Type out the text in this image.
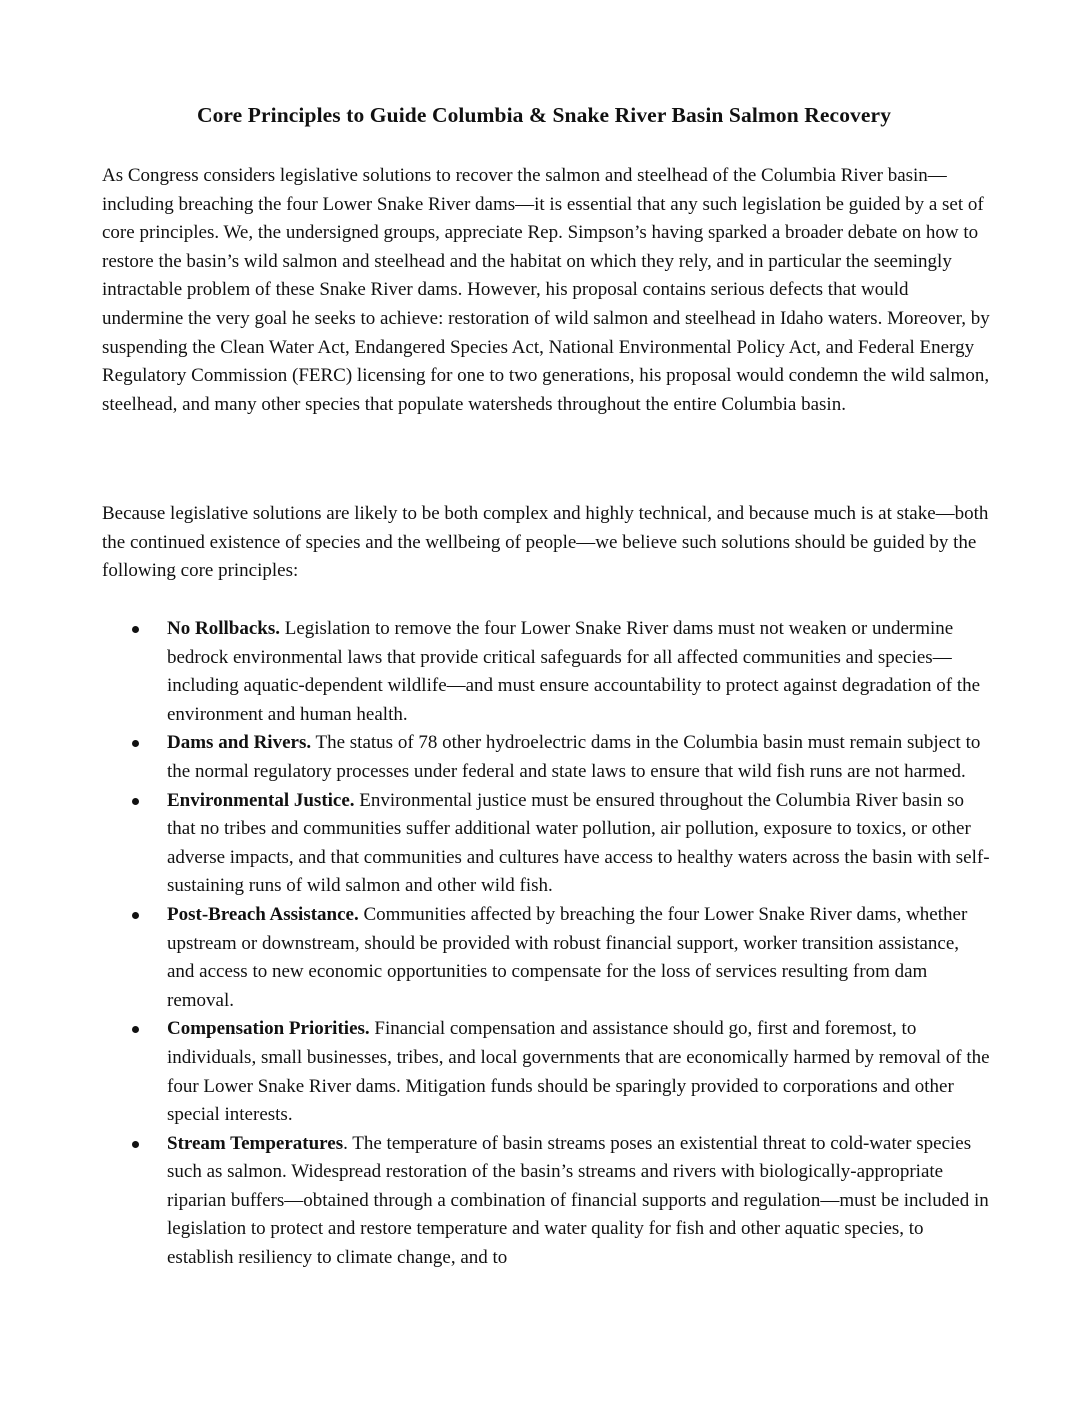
Core Principles to Guide Columbia & Snake River Basin Salmon Recovery

As Congress considers legislative solutions to recover the salmon and steelhead of the Columbia River basin—including breaching the four Lower Snake River dams—it is essential that any such legislation be guided by a set of core principles. We, the undersigned groups, appreciate Rep. Simpson’s having sparked a broader debate on how to restore the basin’s wild salmon and steelhead and the habitat on which they rely, and in particular the seemingly intractable problem of these Snake River dams. However, his proposal contains serious defects that would undermine the very goal he seeks to achieve: restoration of wild salmon and steelhead in Idaho waters. Moreover, by suspending the Clean Water Act, Endangered Species Act, National Environmental Policy Act, and Federal Energy Regulatory Commission (FERC) licensing for one to two generations, his proposal would condemn the wild salmon, steelhead, and many other species that populate watersheds throughout the entire Columbia basin.

Because legislative solutions are likely to be both complex and highly technical, and because much is at stake—both the continued existence of species and the wellbeing of people—we believe such solutions should be guided by the following core principles:

No Rollbacks. Legislation to remove the four Lower Snake River dams must not weaken or undermine bedrock environmental laws that provide critical safeguards for all affected communities and species—including aquatic-dependent wildlife—and must ensure accountability to protect against degradation of the environment and human health.
Dams and Rivers. The status of 78 other hydroelectric dams in the Columbia basin must remain subject to the normal regulatory processes under federal and state laws to ensure that wild fish runs are not harmed.
Environmental Justice. Environmental justice must be ensured throughout the Columbia River basin so that no tribes and communities suffer additional water pollution, air pollution, exposure to toxics, or other adverse impacts, and that communities and cultures have access to healthy waters across the basin with self-sustaining runs of wild salmon and other wild fish.
Post-Breach Assistance. Communities affected by breaching the four Lower Snake River dams, whether upstream or downstream, should be provided with robust financial support, worker transition assistance, and access to new economic opportunities to compensate for the loss of services resulting from dam removal.
Compensation Priorities. Financial compensation and assistance should go, first and foremost, to individuals, small businesses, tribes, and local governments that are economically harmed by removal of the four Lower Snake River dams. Mitigation funds should be sparingly provided to corporations and other special interests.
Stream Temperatures. The temperature of basin streams poses an existential threat to cold-water species such as salmon. Widespread restoration of the basin’s streams and rivers with biologically-appropriate riparian buffers—obtained through a combination of financial supports and regulation—must be included in legislation to protect and restore temperature and water quality for fish and other aquatic species, to establish resiliency to climate change, and to
